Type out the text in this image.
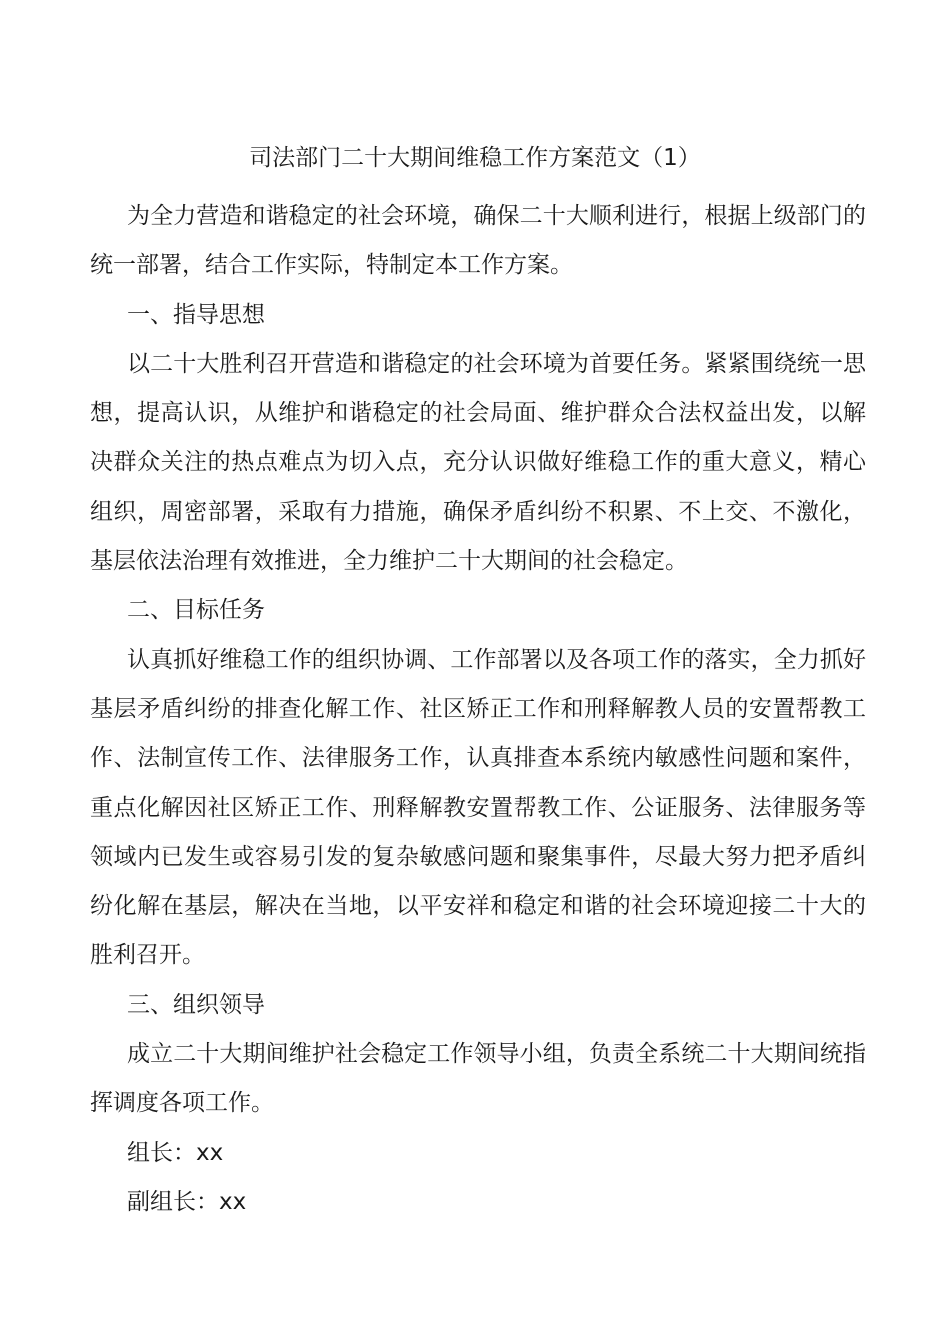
司法部门二十大期间维稳工作方案范文（1）

为全力营造和谐稳定的社会环境，确保二十大顺利进行，根据上级部门的统一部署，结合工作实际，特制定本工作方案。

一、指导思想

以二十大胜利召开营造和谐稳定的社会环境为首要任务。紧紧围绕统一思想，提高认识，从维护和谐稳定的社会局面、维护群众合法权益出发，以解决群众关注的热点难点为切入点，充分认识做好维稳工作的重大意义，精心组织，周密部署，采取有力措施，确保矛盾纠纷不积累、不上交、不激化，基层依法治理有效推进，全力维护二十大期间的社会稳定。

二、目标任务

认真抓好维稳工作的组织协调、工作部署以及各项工作的落实，全力抓好基层矛盾纠纷的排查化解工作、社区矫正工作和刑释解教人员的安置帮教工作、法制宣传工作、法律服务工作，认真排查本系统内敏感性问题和案件，重点化解因社区矫正工作、刑释解教安置帮教工作、公证服务、法律服务等领域内已发生或容易引发的复杂敏感问题和聚集事件，尽最大努力把矛盾纠纷化解在基层，解决在当地，以平安祥和稳定和谐的社会环境迎接二十大的胜利召开。

三、组织领导

成立二十大期间维护社会稳定工作领导小组，负责全系统二十大期间统指挥调度各项工作。

组长：xx

副组长：xx
